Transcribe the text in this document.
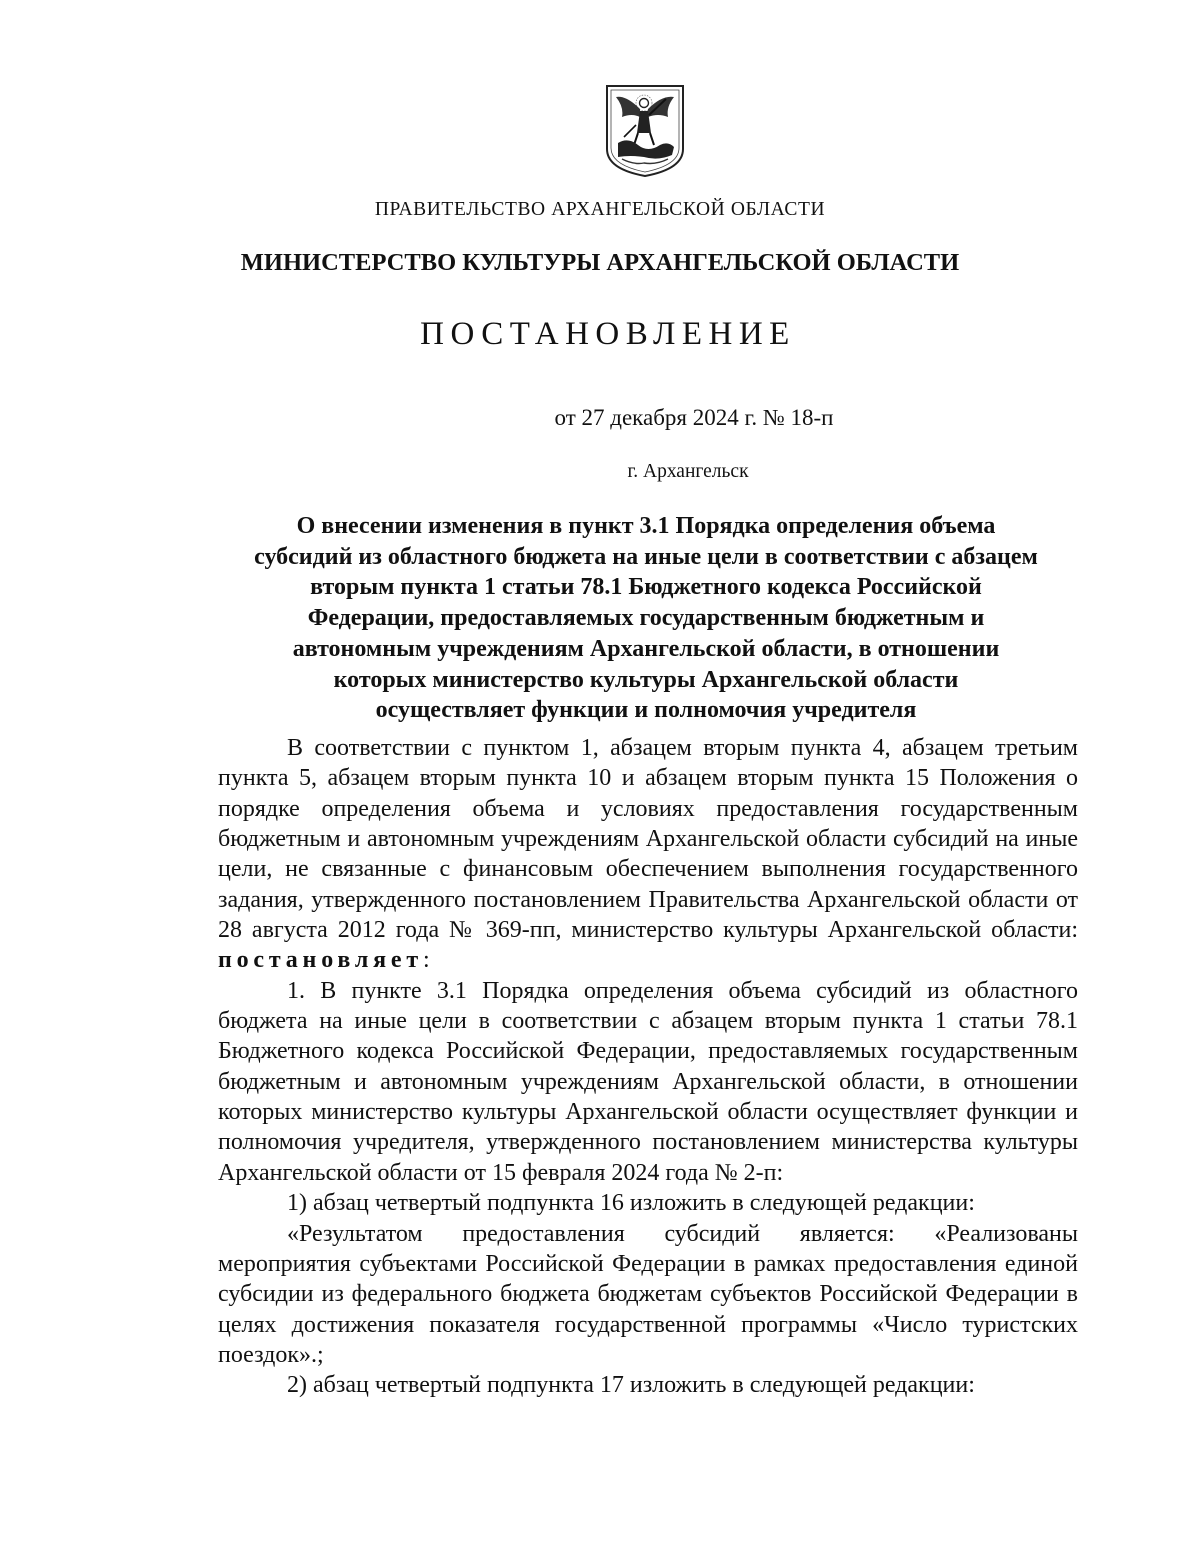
ПРАВИТЕЛЬСТВО АРХАНГЕЛЬСКОЙ ОБЛАСТИ
МИНИСТЕРСТВО КУЛЬТУРЫ АРХАНГЕЛЬСКОЙ ОБЛАСТИ
ПОСТАНОВЛЕНИЕ
от 27 декабря 2024 г. № 18-п
г. Архангельск
О внесении изменения в пункт 3.1 Порядка определения объема
субсидий из областного бюджета на иные цели в соответствии с абзацем
вторым пункта 1 статьи 78.1 Бюджетного кодекса Российской
Федерации, предоставляемых государственным бюджетным и
автономным учреждениям Архангельской области, в отношении
которых министерство культуры Архангельской области
осуществляет функции и полномочия учредителя

В соответствии с пунктом 1, абзацем вторым пункта 4, абзацем третьим пункта 5, абзацем вторым пункта 10 и абзацем вторым пункта 15 Положения о порядке определения объема и условиях предоставления государственным бюджетным и автономным учреждениям Архангельской области субсидий на иные цели, не связанные с финансовым обеспечением выполнения государственного задания, утвержденного постановлением Правительства Архангельской области от 28 августа 2012 года № 369-пп, министерство культуры Архангельской области: постановляет:

1. В пункте 3.1 Порядка определения объема субсидий из областного бюджета на иные цели в соответствии с абзацем вторым пункта 1 статьи 78.1 Бюджетного кодекса Российской Федерации, предоставляемых государственным бюджетным и автономным учреждениям Архангельской области, в отношении которых министерство культуры Архангельской области осуществляет функции и полномочия учредителя, утвержденного постановлением министерства культуры Архангельской области от 15 февраля 2024 года № 2-п:

1) абзац четвертый подпункта 16 изложить в следующей редакции:

«Результатом предоставления субсидий является: «Реализованы мероприятия субъектами Российской Федерации в рамках предоставления единой субсидии из федерального бюджета бюджетам субъектов Российской Федерации в целях достижения показателя государственной программы «Число туристских поездок».;

2) абзац четвертый подпункта 17 изложить в следующей редакции:
